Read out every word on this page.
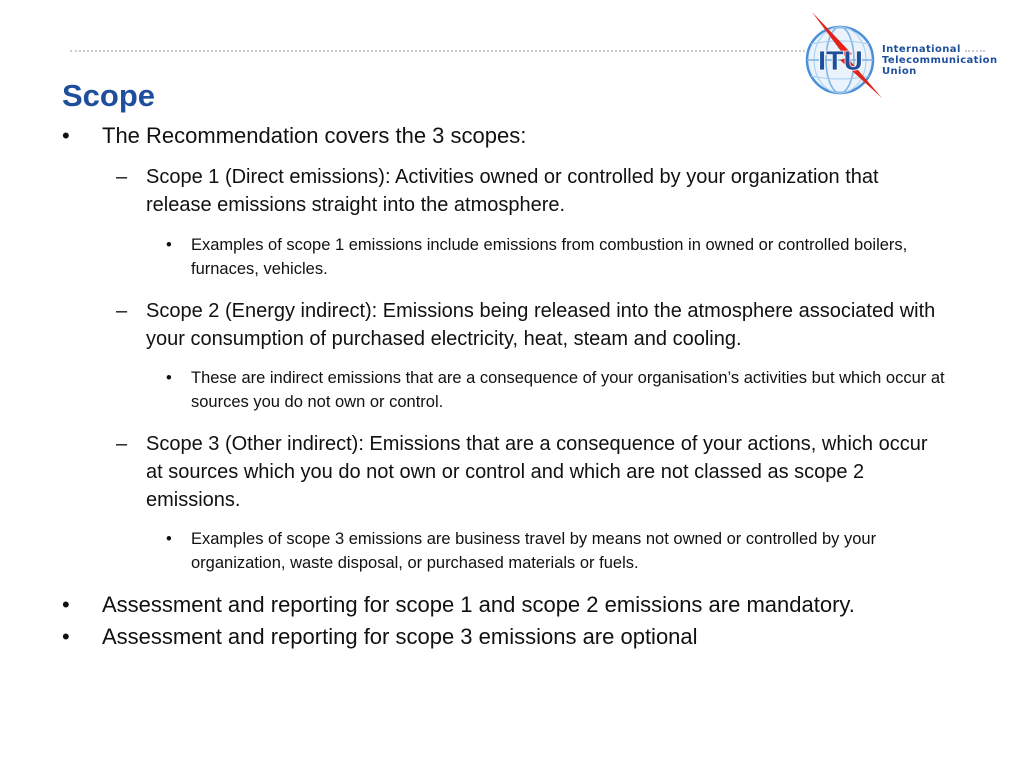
ITU International
Telecommunication
Union
Scope
• The Recommendation covers the 3 scopes:
– Scope 1 (Direct emissions): Activities owned or controlled by your organization that release emissions straight into the atmosphere.
• Examples of scope 1 emissions include emissions from combustion in owned or controlled boilers, furnaces, vehicles.
– Scope 2 (Energy indirect): Emissions being released into the atmosphere associated with your consumption of purchased electricity, heat, steam and cooling.
• These are indirect emissions that are a consequence of your organisation’s activities but which occur at sources you do not own or control.
– Scope 3 (Other indirect): Emissions that are a consequence of your actions, which occur at sources which you do not own or control and which are not classed as scope 2 emissions.
• Examples of scope 3 emissions are business travel by means not owned or controlled by your organization, waste disposal, or purchased materials or fuels.
• Assessment and reporting for scope 1 and scope 2 emissions are mandatory.
• Assessment and reporting for scope 3 emissions are optional
